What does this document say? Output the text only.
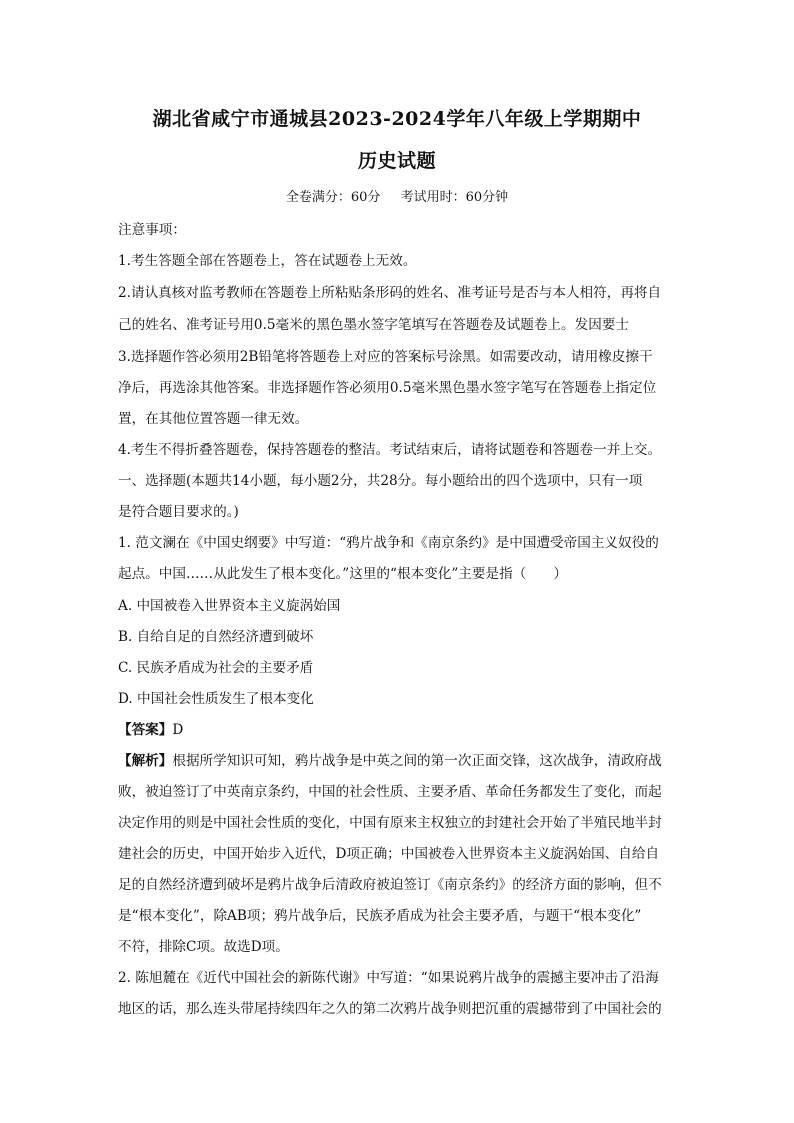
湖北省咸宁市通城县2023-2024学年八年级上学期期中
历史试题
全卷满分：60分 考试用时：60分钟
注意事项：
1.考生答题全部在答题卷上，答在试题卷上无效。
2.请认真核对监考教师在答题卷上所粘贴条形码的姓名、准考证号是否与本人相符，再将自
己的姓名、准考证号用0.5毫米的黑色墨水签字笔填写在答题卷及试题卷上。发因要士
3.选择题作答必须用2B铅笔将答题卷上对应的答案标号涂黑。如需要改动，请用橡皮擦干
净后，再选涂其他答案。非选择题作答必须用0.5毫米黑色墨水签字笔写在答题卷上指定位
置，在其他位置答题一律无效。
4.考生不得折叠答题卷，保持答题卷的整洁。考试结束后，请将试题卷和答题卷一并上交。
一、选择题(本题共14小题，每小题2分，共28分。每小题给出的四个选项中，只有一项
是符合题目要求的。)
1. 范文澜在《中国史纲要》中写道：“鸦片战争和《南京条约》是中国遭受帝国主义奴役的
起点。中国……从此发生了根本变化。”这里的“根本变化”主要是指（　　）
A. 中国被卷入世界资本主义旋涡始国
B. 自给自足的自然经济遭到破坏
C. 民族矛盾成为社会的主要矛盾
D. 中国社会性质发生了根本变化
【答案】D
【解析】根据所学知识可知，鸦片战争是中英之间的第一次正面交锋，这次战争，清政府战
败，被迫签订了中英南京条约，中国的社会性质、主要矛盾、革命任务都发生了变化，而起
决定作用的则是中国社会性质的变化，中国有原来主权独立的封建社会开始了半殖民地半封
建社会的历史，中国开始步入近代，D项正确；中国被卷入世界资本主义旋涡始国、自给自
足的自然经济遭到破坏是鸦片战争后清政府被迫签订《南京条约》的经济方面的影响，但不
是“根本变化”，除AB项；鸦片战争后，民族矛盾成为社会主要矛盾，与题干“根本变化”
不符，排除C项。故选D项。
2. 陈旭麓在《近代中国社会的新陈代谢》中写道：“如果说鸦片战争的震撼主要冲击了沿海
地区的话，那么连头带尾持续四年之久的第二次鸦片战争则把沉重的震撼带到了中国社会的
